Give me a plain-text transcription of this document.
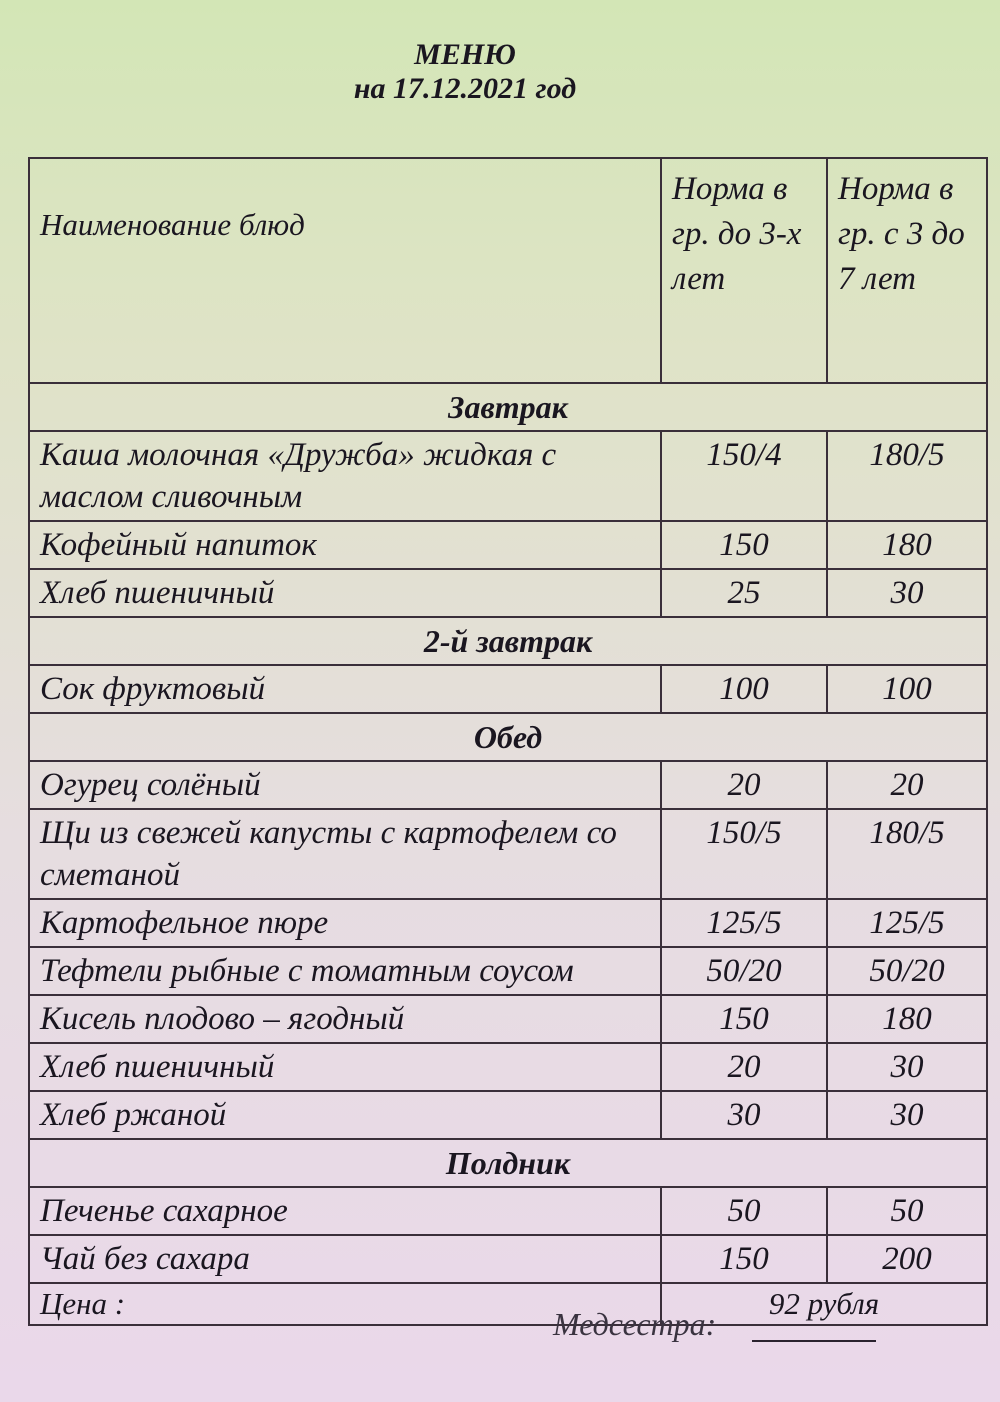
МЕНЮ
на 17.12.2021 год
Наименование блюд	Норма в гр. до 3-х лет	Норма в гр. с 3 до 7 лет
Завтрак		
Каша молочная «Дружба» жидкая с маслом сливочным	150/4	180/5
Кофейный напиток	150	180
Хлеб пшеничный	25	30
2-й завтрак		
Сок фруктовый	100	100
Обед		
Огурец солёный	20	20
Щи из свежей капусты с картофелем со сметаной	150/5	180/5
Картофельное пюре	125/5	125/5
Тефтели рыбные с томатным соусом	50/20	50/20
Кисель плодово – ягодный	150	180
Хлеб пшеничный	20	30
Хлеб ржаной	30	30
Полдник		
Печенье сахарное	50	50
Чай без сахара	150	200
Цена :	92 рубля	
Медсестра:
